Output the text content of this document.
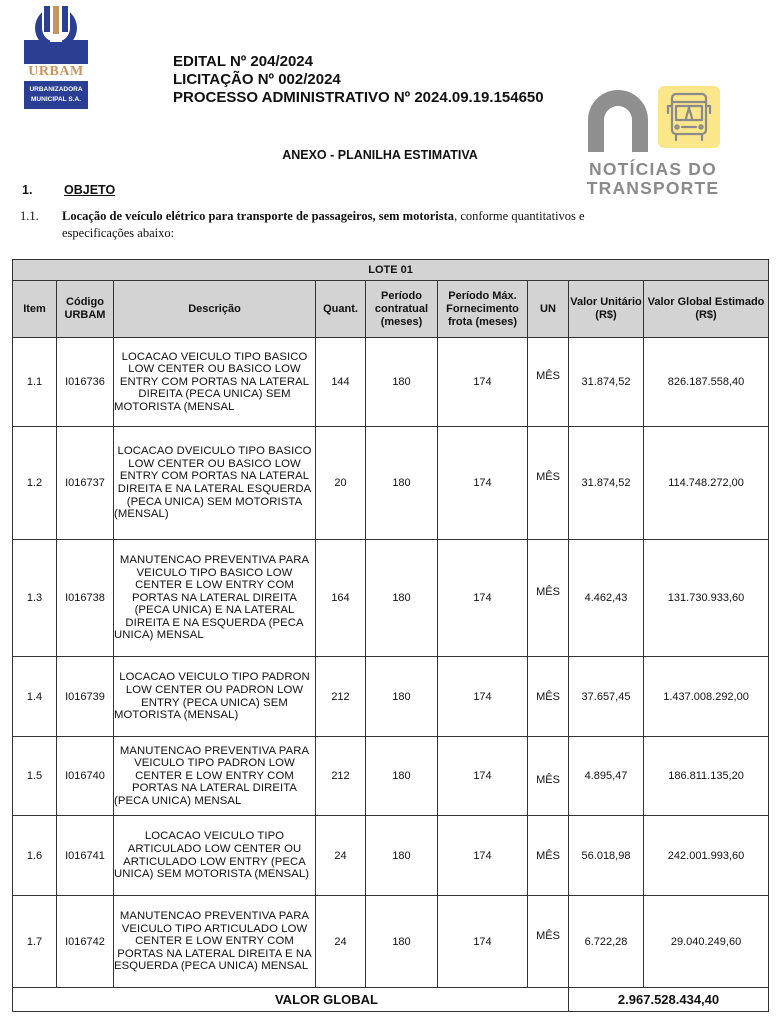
URBAM
URBANIZADORA
MUNICIPAL S.A.
EDITAL Nº 204/2024
LICITAÇÃO Nº 002/2024
PROCESSO ADMINISTRATIVO Nº 2024.09.19.154650
NOTÍCIAS DO
TRANSPORTE
ANEXO - PLANILHA ESTIMATIVA
1.	OBJETO
1.1. Locação de veículo elétrico para transporte de passageiros, sem motorista, conforme quantitativos e
especificações abaixo:
LOTE 01								
Item	Código URBAM	Descrição	Quant.	Período contratual (meses)	Período Máx. Fornecimento frota (meses)	UN	Valor Unitário (R$)	Valor Global Estimado (R$)
1.1	I016736	LOCACAO VEICULO TIPO BASICO LOW CENTER OU BASICO LOW ENTRY COM PORTAS NA LATERAL DIREITA (PECA UNICA) SEM MOTORISTA (MENSAL	144	180	174	MÊS	31.874,52	826.187.558,40
1.2	I016737	LOCACAO DVEICULO TIPO BASICO LOW CENTER OU BASICO LOW ENTRY COM PORTAS NA LATERAL DIREITA E NA LATERAL ESQUERDA (PECA UNICA) SEM MOTORISTA (MENSAL)	20	180	174	MÊS	31.874,52	114.748.272,00
1.3	I016738	MANUTENCAO PREVENTIVA PARA VEICULO TIPO BASICO LOW CENTER E LOW ENTRY COM PORTAS NA LATERAL DIREITA (PECA UNICA) E NA LATERAL DIREITA E NA ESQUERDA (PECA UNICA) MENSAL	164	180	174	MÊS	4.462,43	131.730.933,60
1.4	I016739	LOCACAO VEICULO TIPO PADRON LOW CENTER OU PADRON LOW ENTRY (PECA UNICA) SEM MOTORISTA (MENSAL)	212	180	174	MÊS	37.657,45	1.437.008.292,00
1.5	I016740	MANUTENCAO PREVENTIVA PARA VEICULO TIPO PADRON LOW CENTER E LOW ENTRY COM PORTAS NA LATERAL DIREITA (PECA UNICA) MENSAL	212	180	174	MÊS	4.895,47	186.811.135,20
1.6	I016741	LOCACAO VEICULO TIPO ARTICULADO LOW CENTER OU ARTICULADO LOW ENTRY (PECA UNICA) SEM MOTORISTA (MENSAL)	24	180	174	MÊS	56.018,98	242.001.993,60
1.7	I016742	MANUTENCAO PREVENTIVA PARA VEICULO TIPO ARTICULADO LOW CENTER E LOW ENTRY COM PORTAS NA LATERAL DIREITA E NA ESQUERDA (PECA UNICA) MENSAL	24	180	174	MÊS	6.722,28	29.040.249,60
VALOR GLOBAL							2.967.528.434,40	
